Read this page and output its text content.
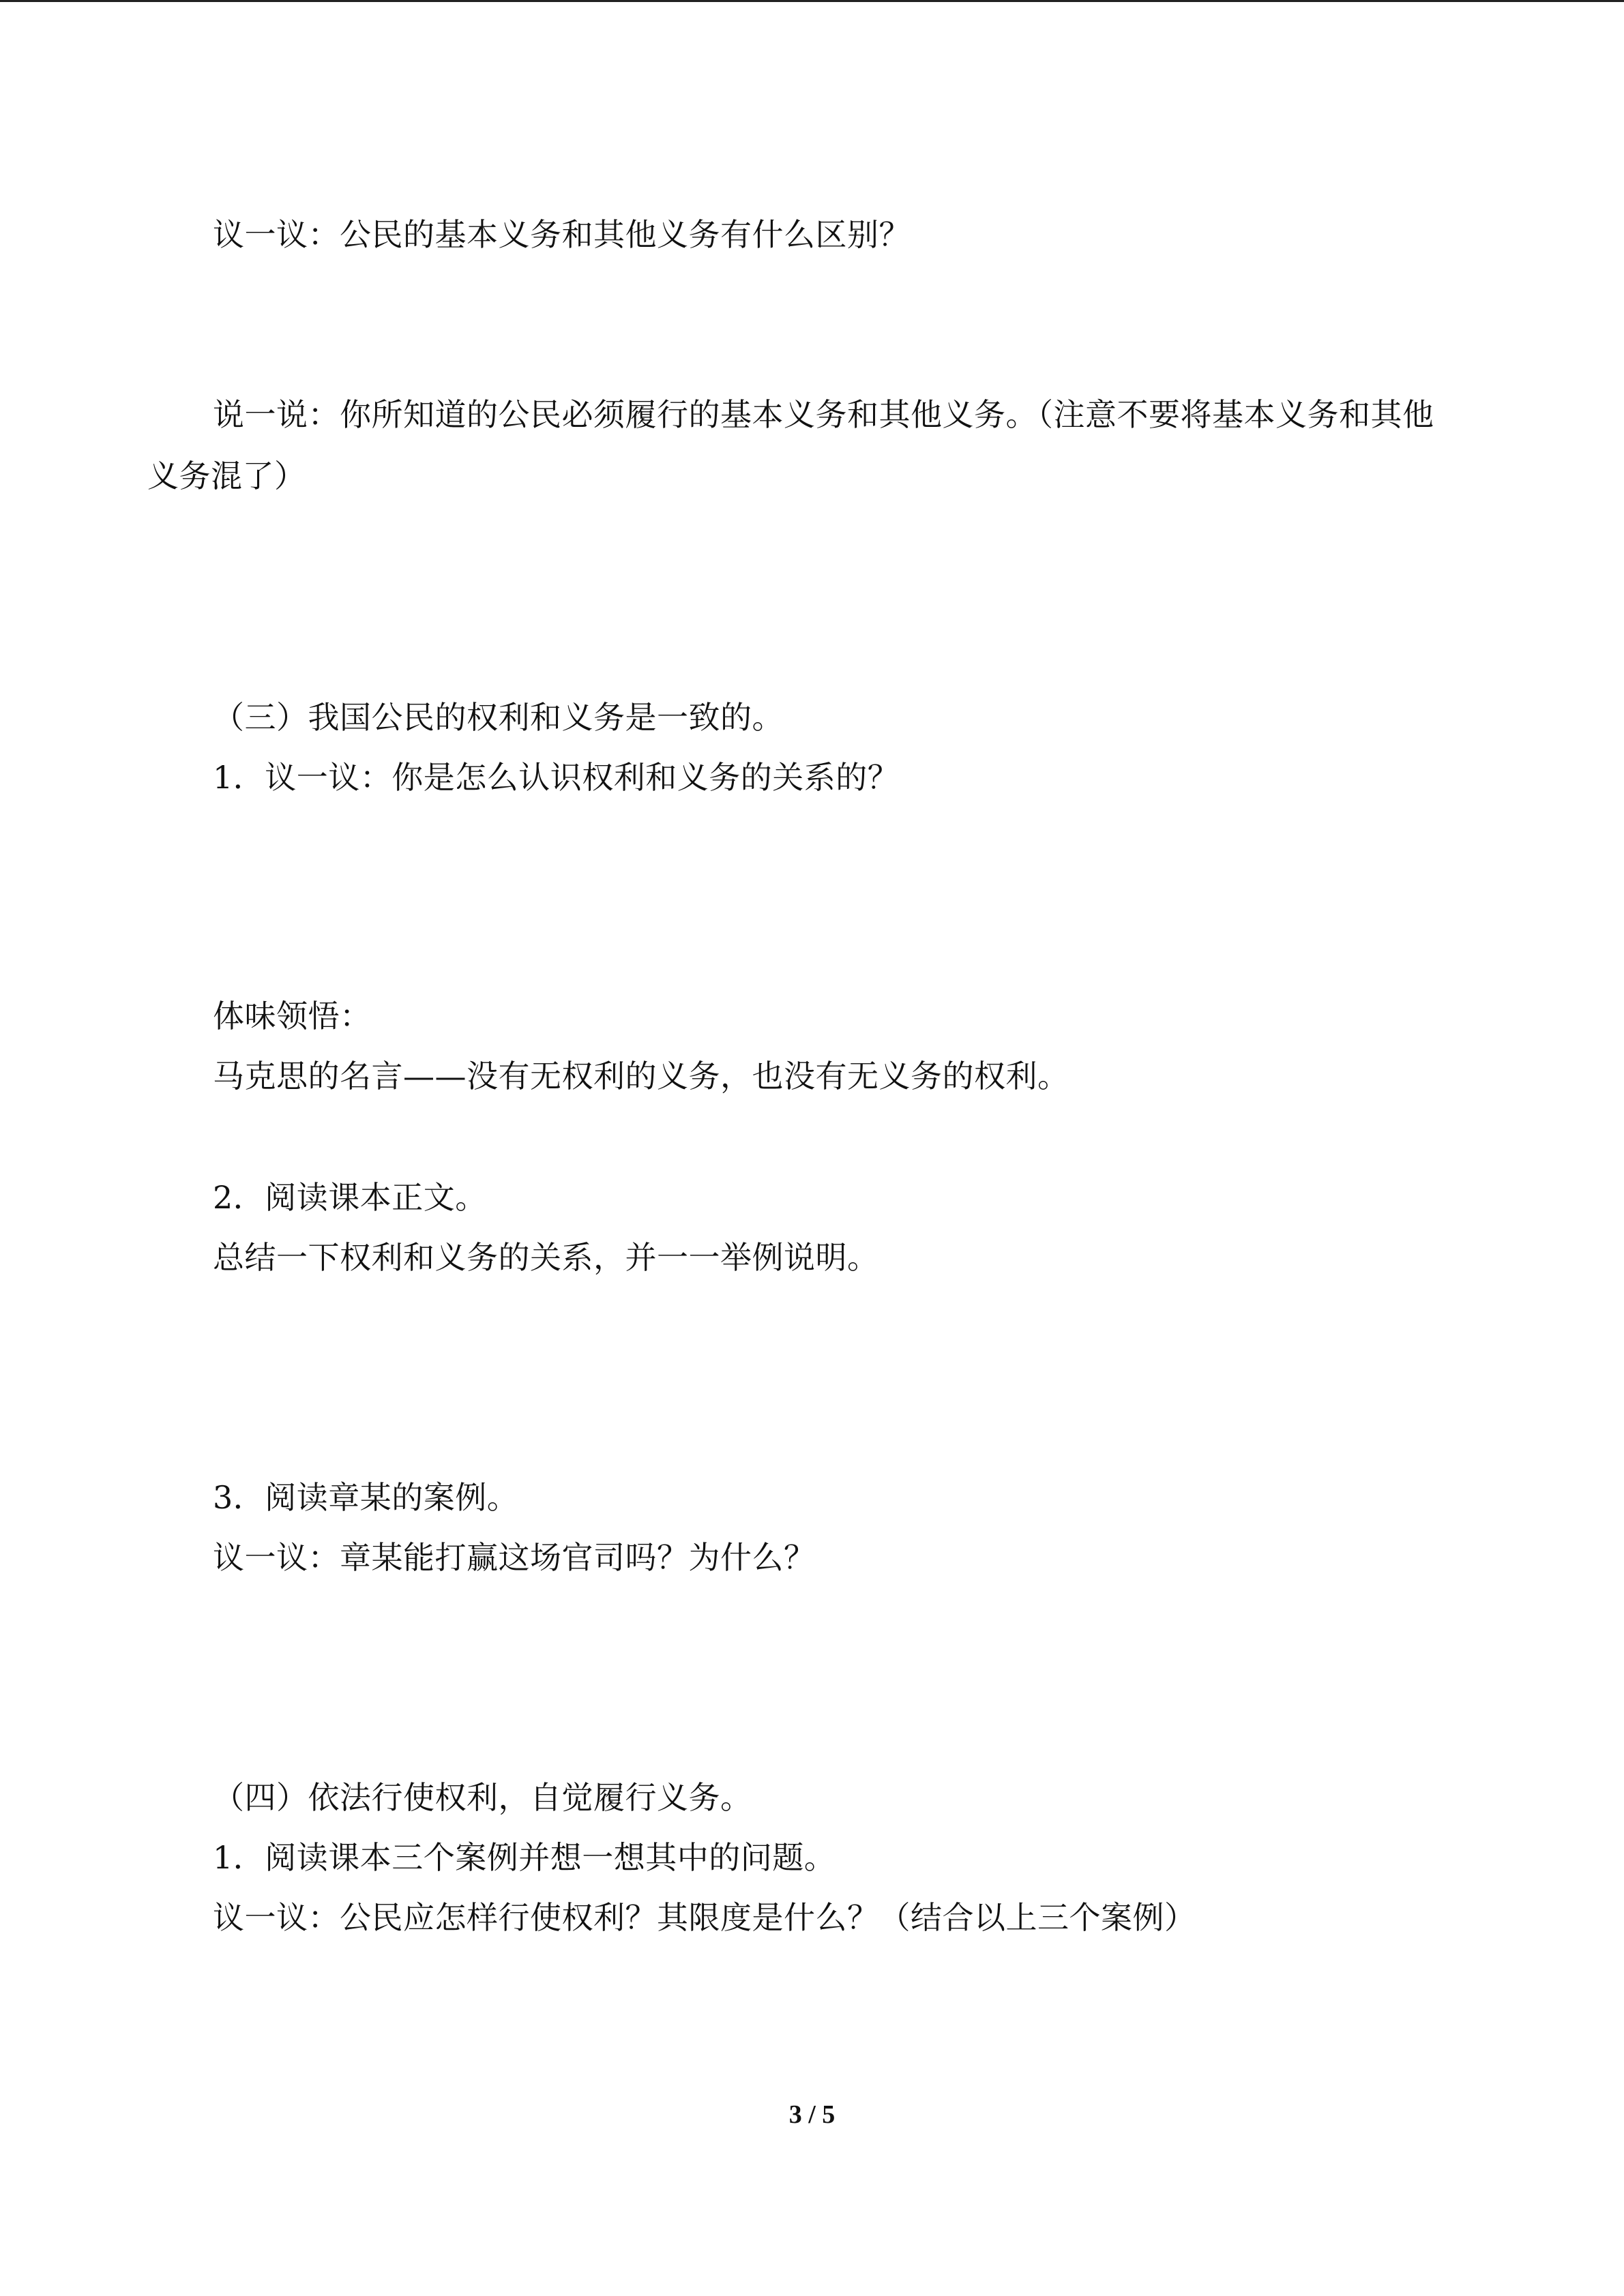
议一议：公民的基本义务和其他义务有什么区别？
说一说：你所知道的公民必须履行的基本义务和其他义务。（注意不要将基本义务和其他
义务混了）
（三）我国公民的权利和义务是一致的。
1．议一议：你是怎么认识权利和义务的关系的？
体味领悟：
马克思的名言——没有无权利的义务，也没有无义务的权利。
2．阅读课本正文。
总结一下权利和义务的关系，并一一举例说明。
3．阅读章某的案例。
议一议：章某能打赢这场官司吗？为什么？
（四）依法行使权利，自觉履行义务。
1．阅读课本三个案例并想一想其中的问题。
议一议：公民应怎样行使权利？其限度是什么？（结合以上三个案例）
3 / 5
